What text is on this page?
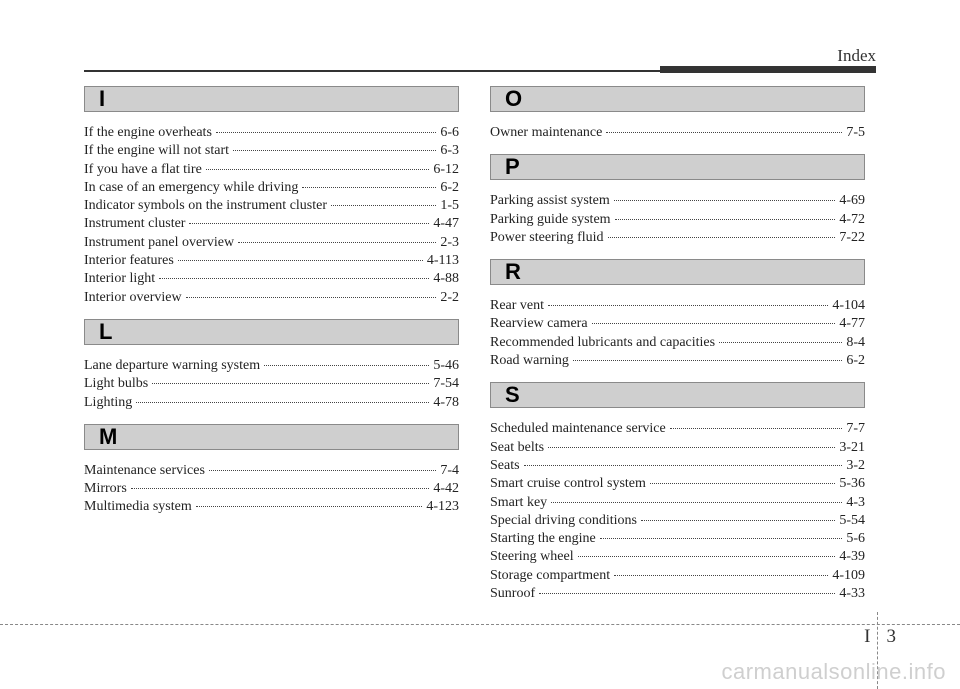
Index
I
If the engine overheats	6-6
If the engine will not start	6-3
If you have a flat tire	6-12
In case of an emergency while driving	6-2
Indicator symbols on the instrument cluster	1-5
Instrument cluster	4-47
Instrument panel overview	2-3
Interior features	4-113
Interior light	4-88
Interior overview	2-2
L
Lane departure warning system	5-46
Light bulbs	7-54
Lighting	4-78
M
Maintenance services	7-4
Mirrors	4-42
Multimedia system	4-123
O
Owner maintenance	7-5
P
Parking assist system	4-69
Parking guide system	4-72
Power steering fluid	7-22
R
Rear vent	4-104
Rearview camera	4-77
Recommended lubricants and capacities	8-4
Road warning	6-2
S
Scheduled maintenance service	7-7
Seat belts	3-21
Seats	3-2
Smart cruise control system	5-36
Smart key	4-3
Special driving conditions	5-54
Starting the engine	5-6
Steering wheel	4-39
Storage compartment	4-109
Sunroof	4-33
I 3
carmanualsonline.info
